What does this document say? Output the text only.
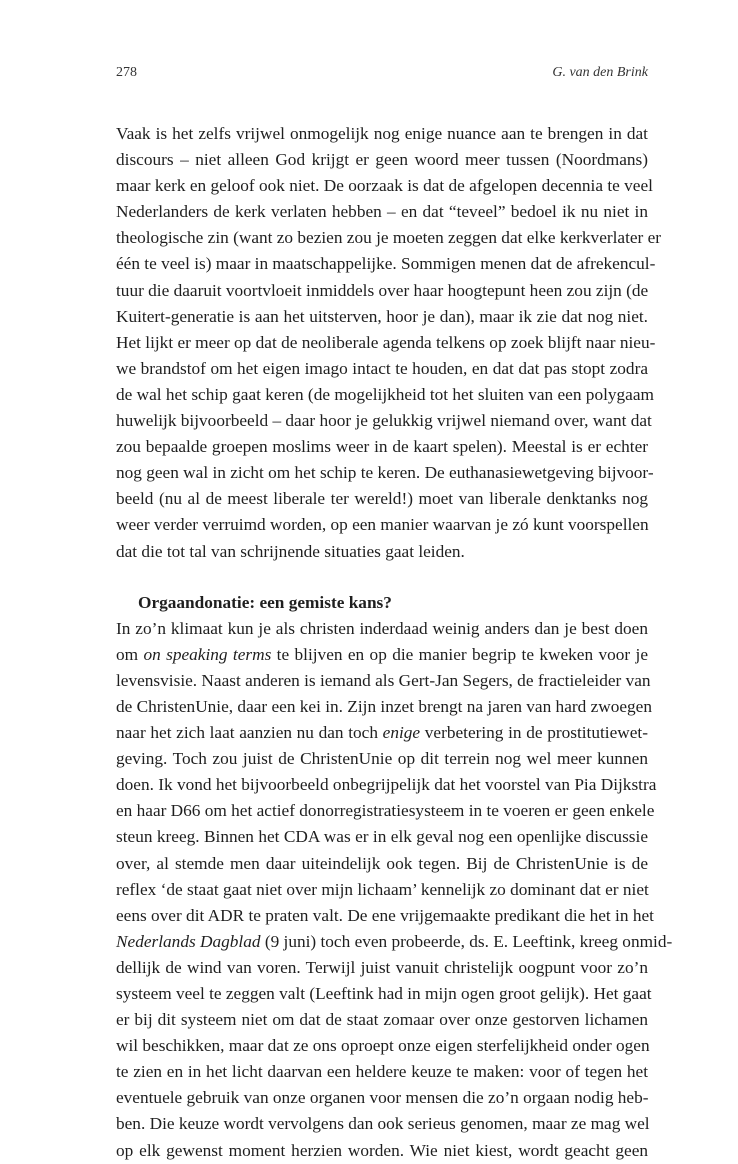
278	G. van den Brink
Vaak is het zelfs vrijwel onmogelijk nog enige nuance aan te brengen in dat
discours – niet alleen God krijgt er geen woord meer tussen (Noordmans)
maar kerk en geloof ook niet. De oorzaak is dat de afgelopen decennia te veel
Nederlanders de kerk verlaten hebben – en dat “teveel” bedoel ik nu niet in
theologische zin (want zo bezien zou je moeten zeggen dat elke kerkverlater er
één te veel is) maar in maatschappelijke. Sommigen menen dat de afrekencul-
tuur die daaruit voortvloeit inmiddels over haar hoogtepunt heen zou zijn (de
Kuitert-generatie is aan het uitsterven, hoor je dan), maar ik zie dat nog niet.
Het lijkt er meer op dat de neoliberale agenda telkens op zoek blijft naar nieu-
we brandstof om het eigen imago intact te houden, en dat dat pas stopt zodra
de wal het schip gaat keren (de mogelijkheid tot het sluiten van een polygaam
huwelijk bijvoorbeeld – daar hoor je gelukkig vrijwel niemand over, want dat
zou bepaalde groepen moslims weer in de kaart spelen). Meestal is er echter
nog geen wal in zicht om het schip te keren. De euthanasiewetgeving bijvoor-
beeld (nu al de meest liberale ter wereld!) moet van liberale denktanks nog
weer verder verruimd worden, op een manier waarvan je zó kunt voorspellen
dat die tot tal van schrijnende situaties gaat leiden.
Orgaandonatie: een gemiste kans?
In zo’n klimaat kun je als christen inderdaad weinig anders dan je best doen
om on speaking terms te blijven en op die manier begrip te kweken voor je
levensvisie. Naast anderen is iemand als Gert-Jan Segers, de fractieleider van
de ChristenUnie, daar een kei in. Zijn inzet brengt na jaren van hard zwoegen
naar het zich laat aanzien nu dan toch enige verbetering in de prostitutiewet-
geving. Toch zou juist de ChristenUnie op dit terrein nog wel meer kunnen
doen. Ik vond het bijvoorbeeld onbegrijpelijk dat het voorstel van Pia Dijkstra
en haar D66 om het actief donorregistratiesysteem in te voeren er geen enkele
steun kreeg. Binnen het CDA was er in elk geval nog een openlijke discussie
over, al stemde men daar uiteindelijk ook tegen. Bij de ChristenUnie is de
reflex ‘de staat gaat niet over mijn lichaam’ kennelijk zo dominant dat er niet
eens over dit ADR te praten valt. De ene vrijgemaakte predikant die het in het
Nederlands Dagblad (9 juni) toch even probeerde, ds. E. Leeftink, kreeg onmid-
dellijk de wind van voren. Terwijl juist vanuit christelijk oogpunt voor zo’n
systeem veel te zeggen valt (Leeftink had in mijn ogen groot gelijk). Het gaat
er bij dit systeem niet om dat de staat zomaar over onze gestorven lichamen
wil beschikken, maar dat ze ons oproept onze eigen sterfelijkheid onder ogen
te zien en in het licht daarvan een heldere keuze te maken: voor of tegen het
eventuele gebruik van onze organen voor mensen die zo’n orgaan nodig heb-
ben. Die keuze wordt vervolgens dan ook serieus genomen, maar ze mag wel
op elk gewenst moment herzien worden. Wie niet kiest, wordt geacht geen
